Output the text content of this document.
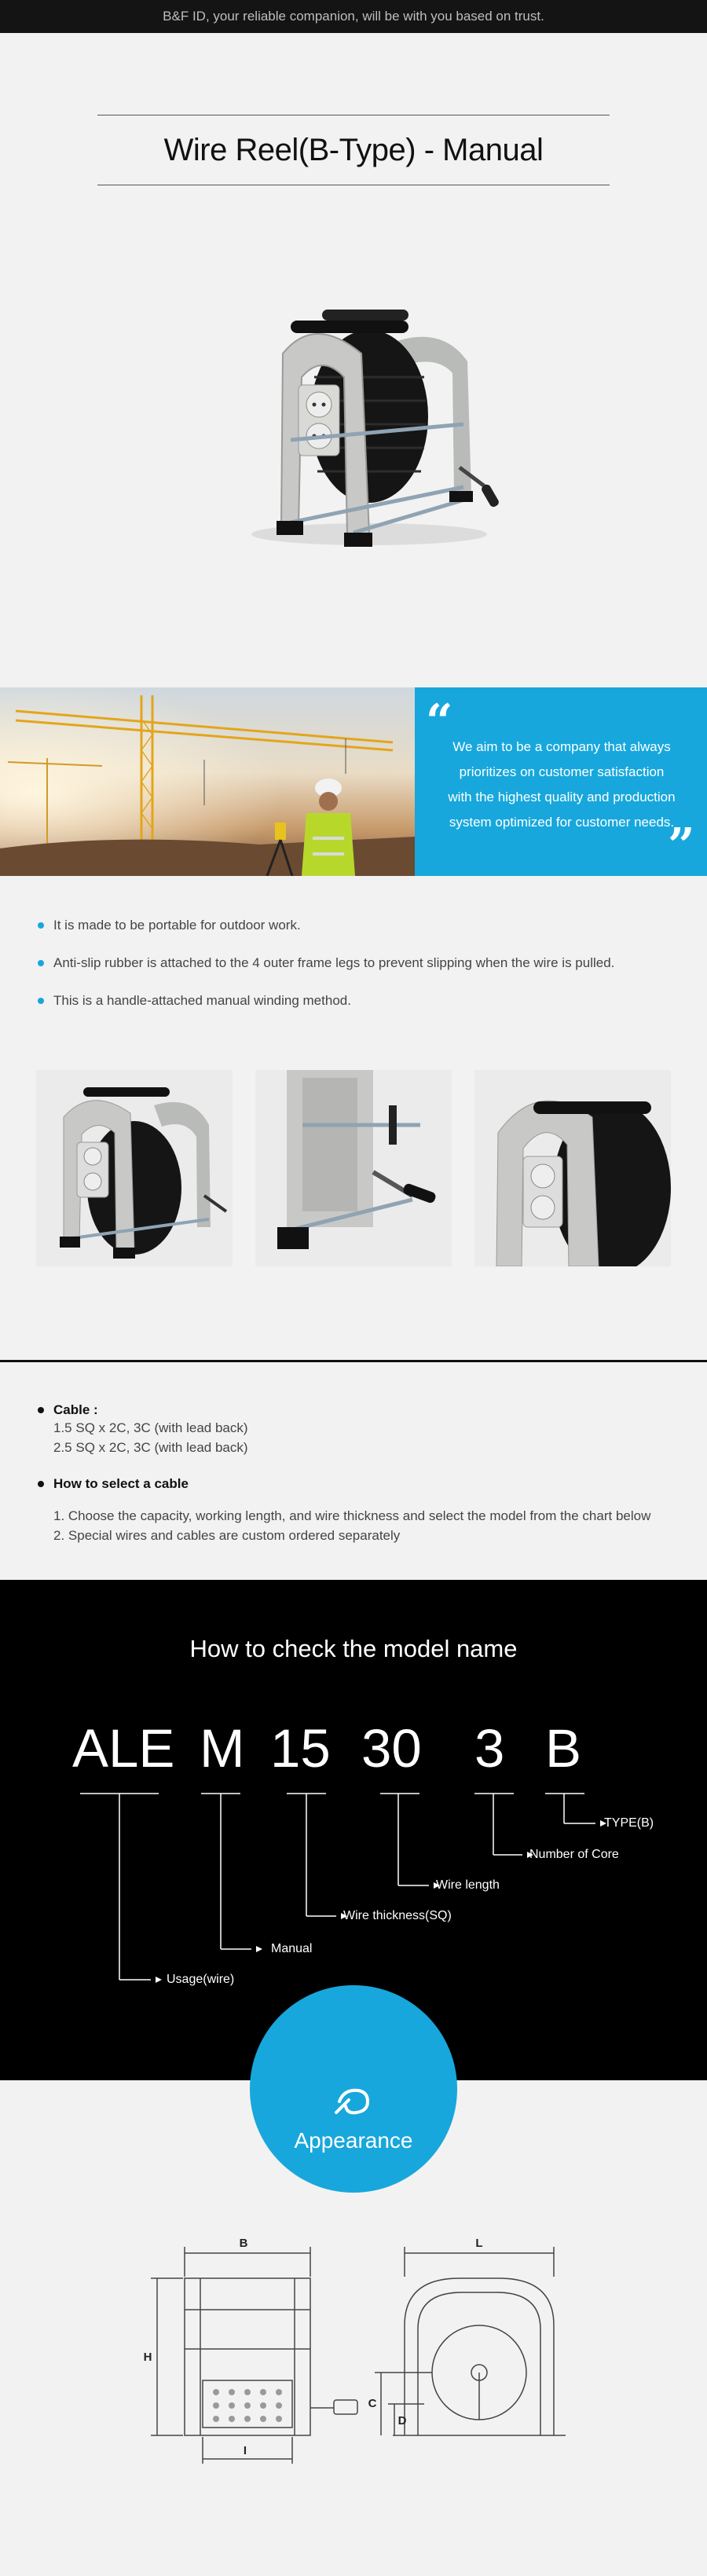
B&F ID, your reliable companion, will be with you based on trust.
Wire Reel(B-Type) - Manual
“ We aim to be a company that always
prioritizes on customer satisfaction
with the highest quality and production
system optimized for customer needs.
”
It is made to be portable for outdoor work.
Anti-slip rubber is attached to the 4 outer frame legs to prevent slipping when the wire is pulled.
This is a handle-attached manual winding method.
Cable :
1.5 SQ x 2C, 3C (with lead back)
2.5 SQ x 2C, 3C (with lead back)
How to select a cable
1. Choose the capacity, working length, and wire thickness and select the model from the chart below
2. Special wires and cables are custom ordered separately
How to check the model name
ALE M 15 30 3 B
Usage(wire)
Manual
Wire thickness(SQ)
Wire length
Number of Core
TYPE(B)
Appearance
B
H
I
L
C
D
